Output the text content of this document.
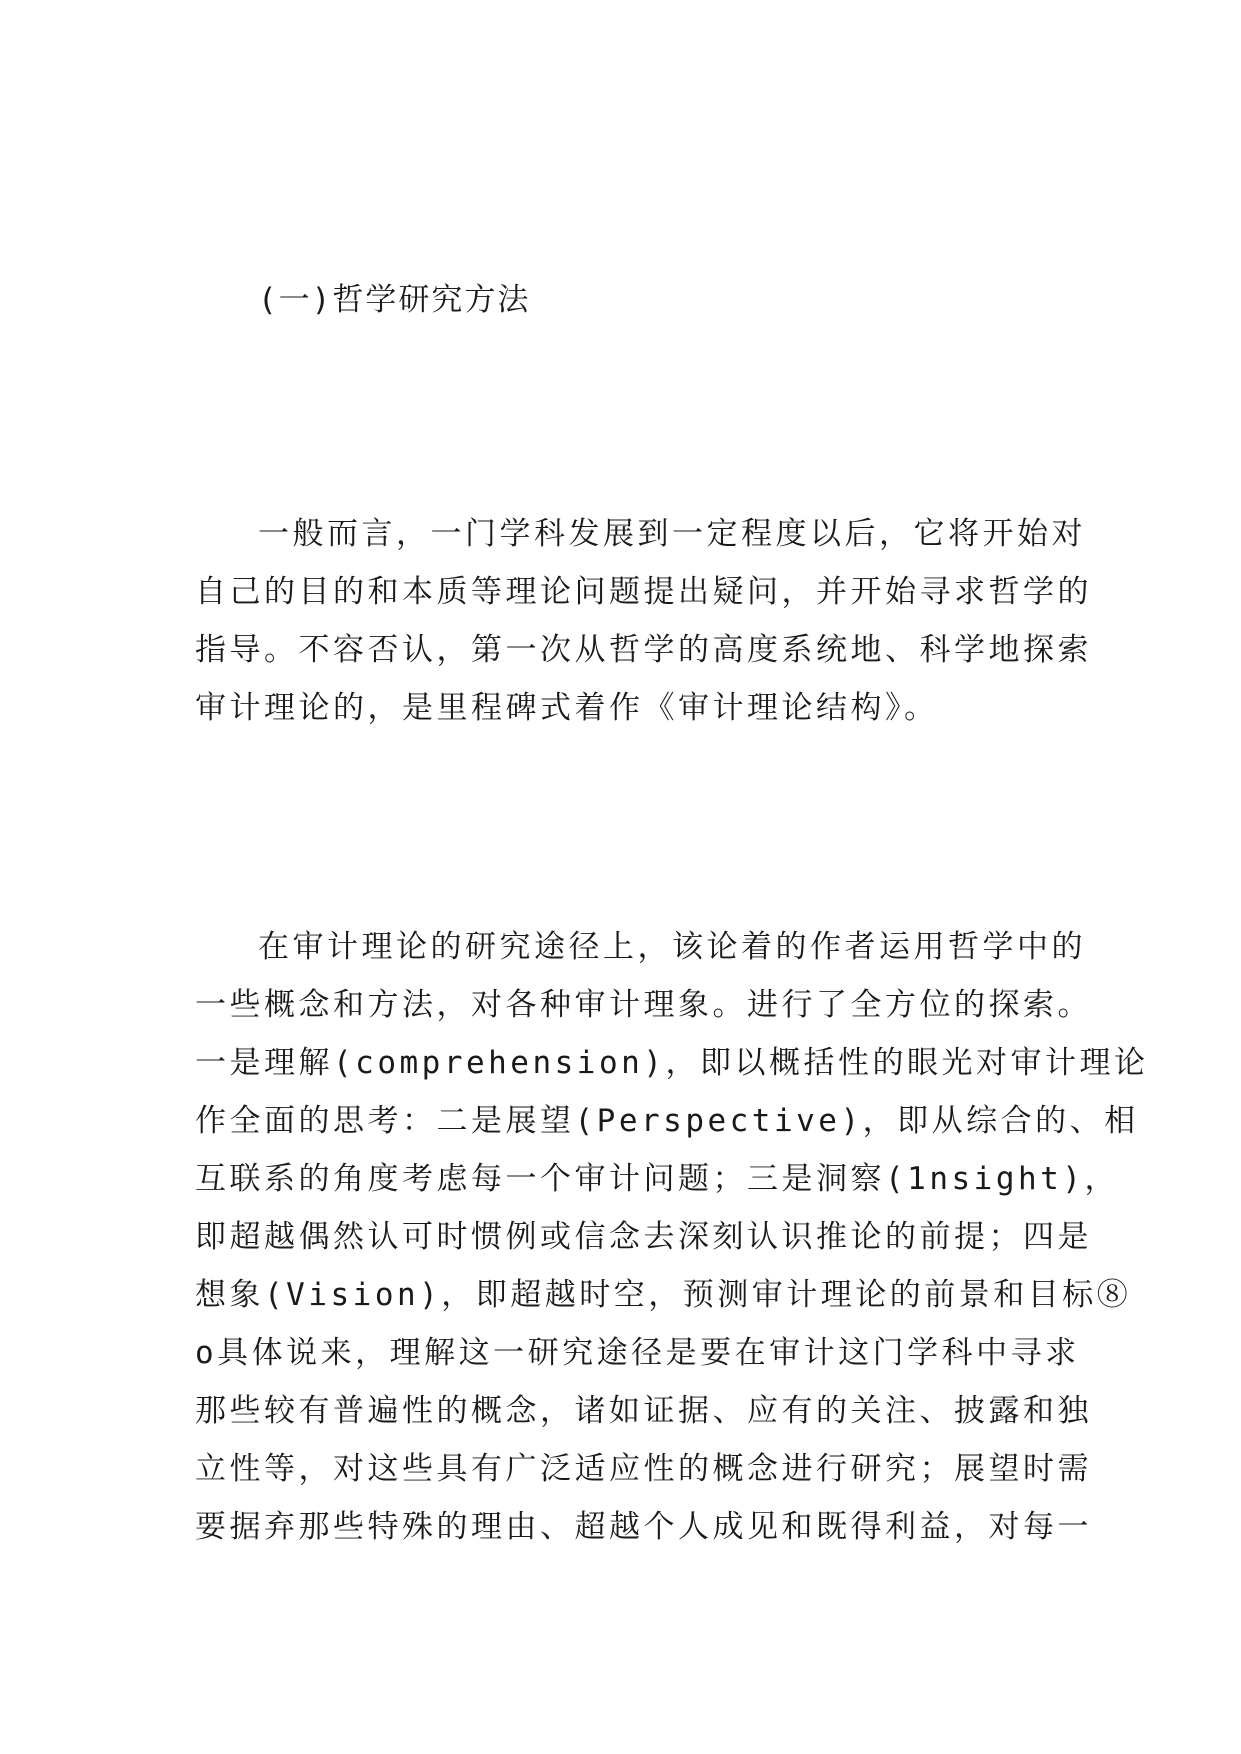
(一)哲学研究方法
一般而言，一门学科发展到一定程度以后，它将开始对
自己的目的和本质等理论问题提出疑问，并开始寻求哲学的
指导。不容否认，第一次从哲学的高度系统地、科学地探索
审计理论的，是里程碑式着作《审计理论结构》。
在审计理论的研究途径上，该论着的作者运用哲学中的
一些概念和方法，对各种审计理象。进行了全方位的探索。
一是理解(comprehension)，即以概括性的眼光对审计理论
作全面的思考：二是展望(Perspective)，即从综合的、相
互联系的角度考虑每一个审计问题；三是洞察(1nsight)，
即超越偶然认可时惯例或信念去深刻认识推论的前提；四是
想象(Vision)，即超越时空，预测审计理论的前景和目标⑧
o具体说来，理解这一研究途径是要在审计这门学科中寻求
那些较有普遍性的概念，诸如证据、应有的关注、披露和独
立性等，对这些具有广泛适应性的概念进行研究；展望时需
要据弃那些特殊的理由、超越个人成见和既得利益，对每一
